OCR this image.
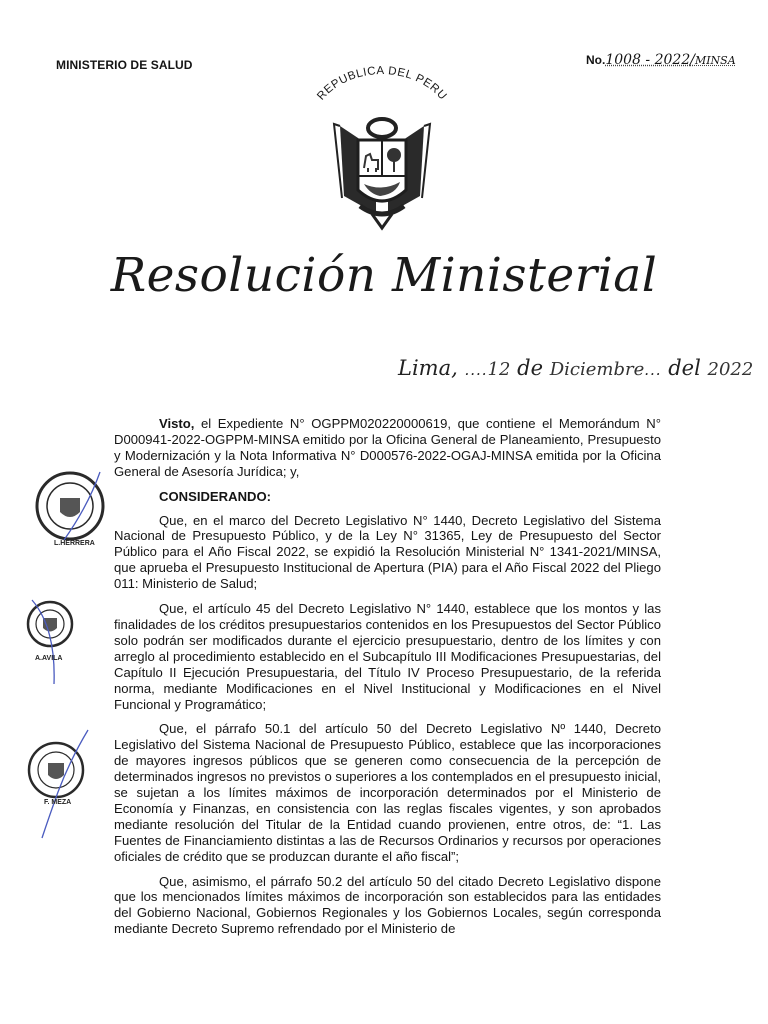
MINISTERIO DE SALUD	No.1008 - 2022/MINSA
REPUBLICA DEL PERU
Resolución Ministerial
Lima, ....12 de Diciembre... del 2022
L.HERRERA
A.AVILA
F. MEZA

Visto, el Expediente N° OGPPM020220000619, que contiene el Memorándum N° D000941-2022-OGPPM-MINSA emitido por la Oficina General de Planeamiento, Presupuesto y Modernización y la Nota Informativa N° D000576-2022-OGAJ-MINSA emitida por la Oficina General de Asesoría Jurídica; y,

CONSIDERANDO:

Que, en el marco del Decreto Legislativo N° 1440, Decreto Legislativo del Sistema Nacional de Presupuesto Público, y de la Ley N° 31365, Ley de Presupuesto del Sector Público para el Año Fiscal 2022, se expidió la Resolución Ministerial N° 1341-2021/MINSA, que aprueba el Presupuesto Institucional de Apertura (PIA) para el Año Fiscal 2022 del Pliego 011: Ministerio de Salud;

Que, el artículo 45 del Decreto Legislativo N° 1440, establece que los montos y las finalidades de los créditos presupuestarios contenidos en los Presupuestos del Sector Público solo podrán ser modificados durante el ejercicio presupuestario, dentro de los límites y con arreglo al procedimiento establecido en el Subcapítulo III Modificaciones Presupuestarias, del Capítulo II Ejecución Presupuestaria, del Título IV Proceso Presupuestario, de la referida norma, mediante Modificaciones en el Nivel Institucional y Modificaciones en el Nivel Funcional y Programático;

Que, el párrafo 50.1 del artículo 50 del Decreto Legislativo Nº 1440, Decreto Legislativo del Sistema Nacional de Presupuesto Público, establece que las incorporaciones de mayores ingresos públicos que se generen como consecuencia de la percepción de determinados ingresos no previstos o superiores a los contemplados en el presupuesto inicial, se sujetan a los límites máximos de incorporación determinados por el Ministerio de Economía y Finanzas, en consistencia con las reglas fiscales vigentes, y son aprobados mediante resolución del Titular de la Entidad cuando provienen, entre otros, de: “1. Las Fuentes de Financiamiento distintas a las de Recursos Ordinarios y recursos por operaciones oficiales de crédito que se produzcan durante el año fiscal”;

Que, asimismo, el párrafo 50.2 del artículo 50 del citado Decreto Legislativo dispone que los mencionados límites máximos de incorporación son establecidos para las entidades del Gobierno Nacional, Gobiernos Regionales y los Gobiernos Locales, según corresponda mediante Decreto Supremo refrendado por el Ministerio de
